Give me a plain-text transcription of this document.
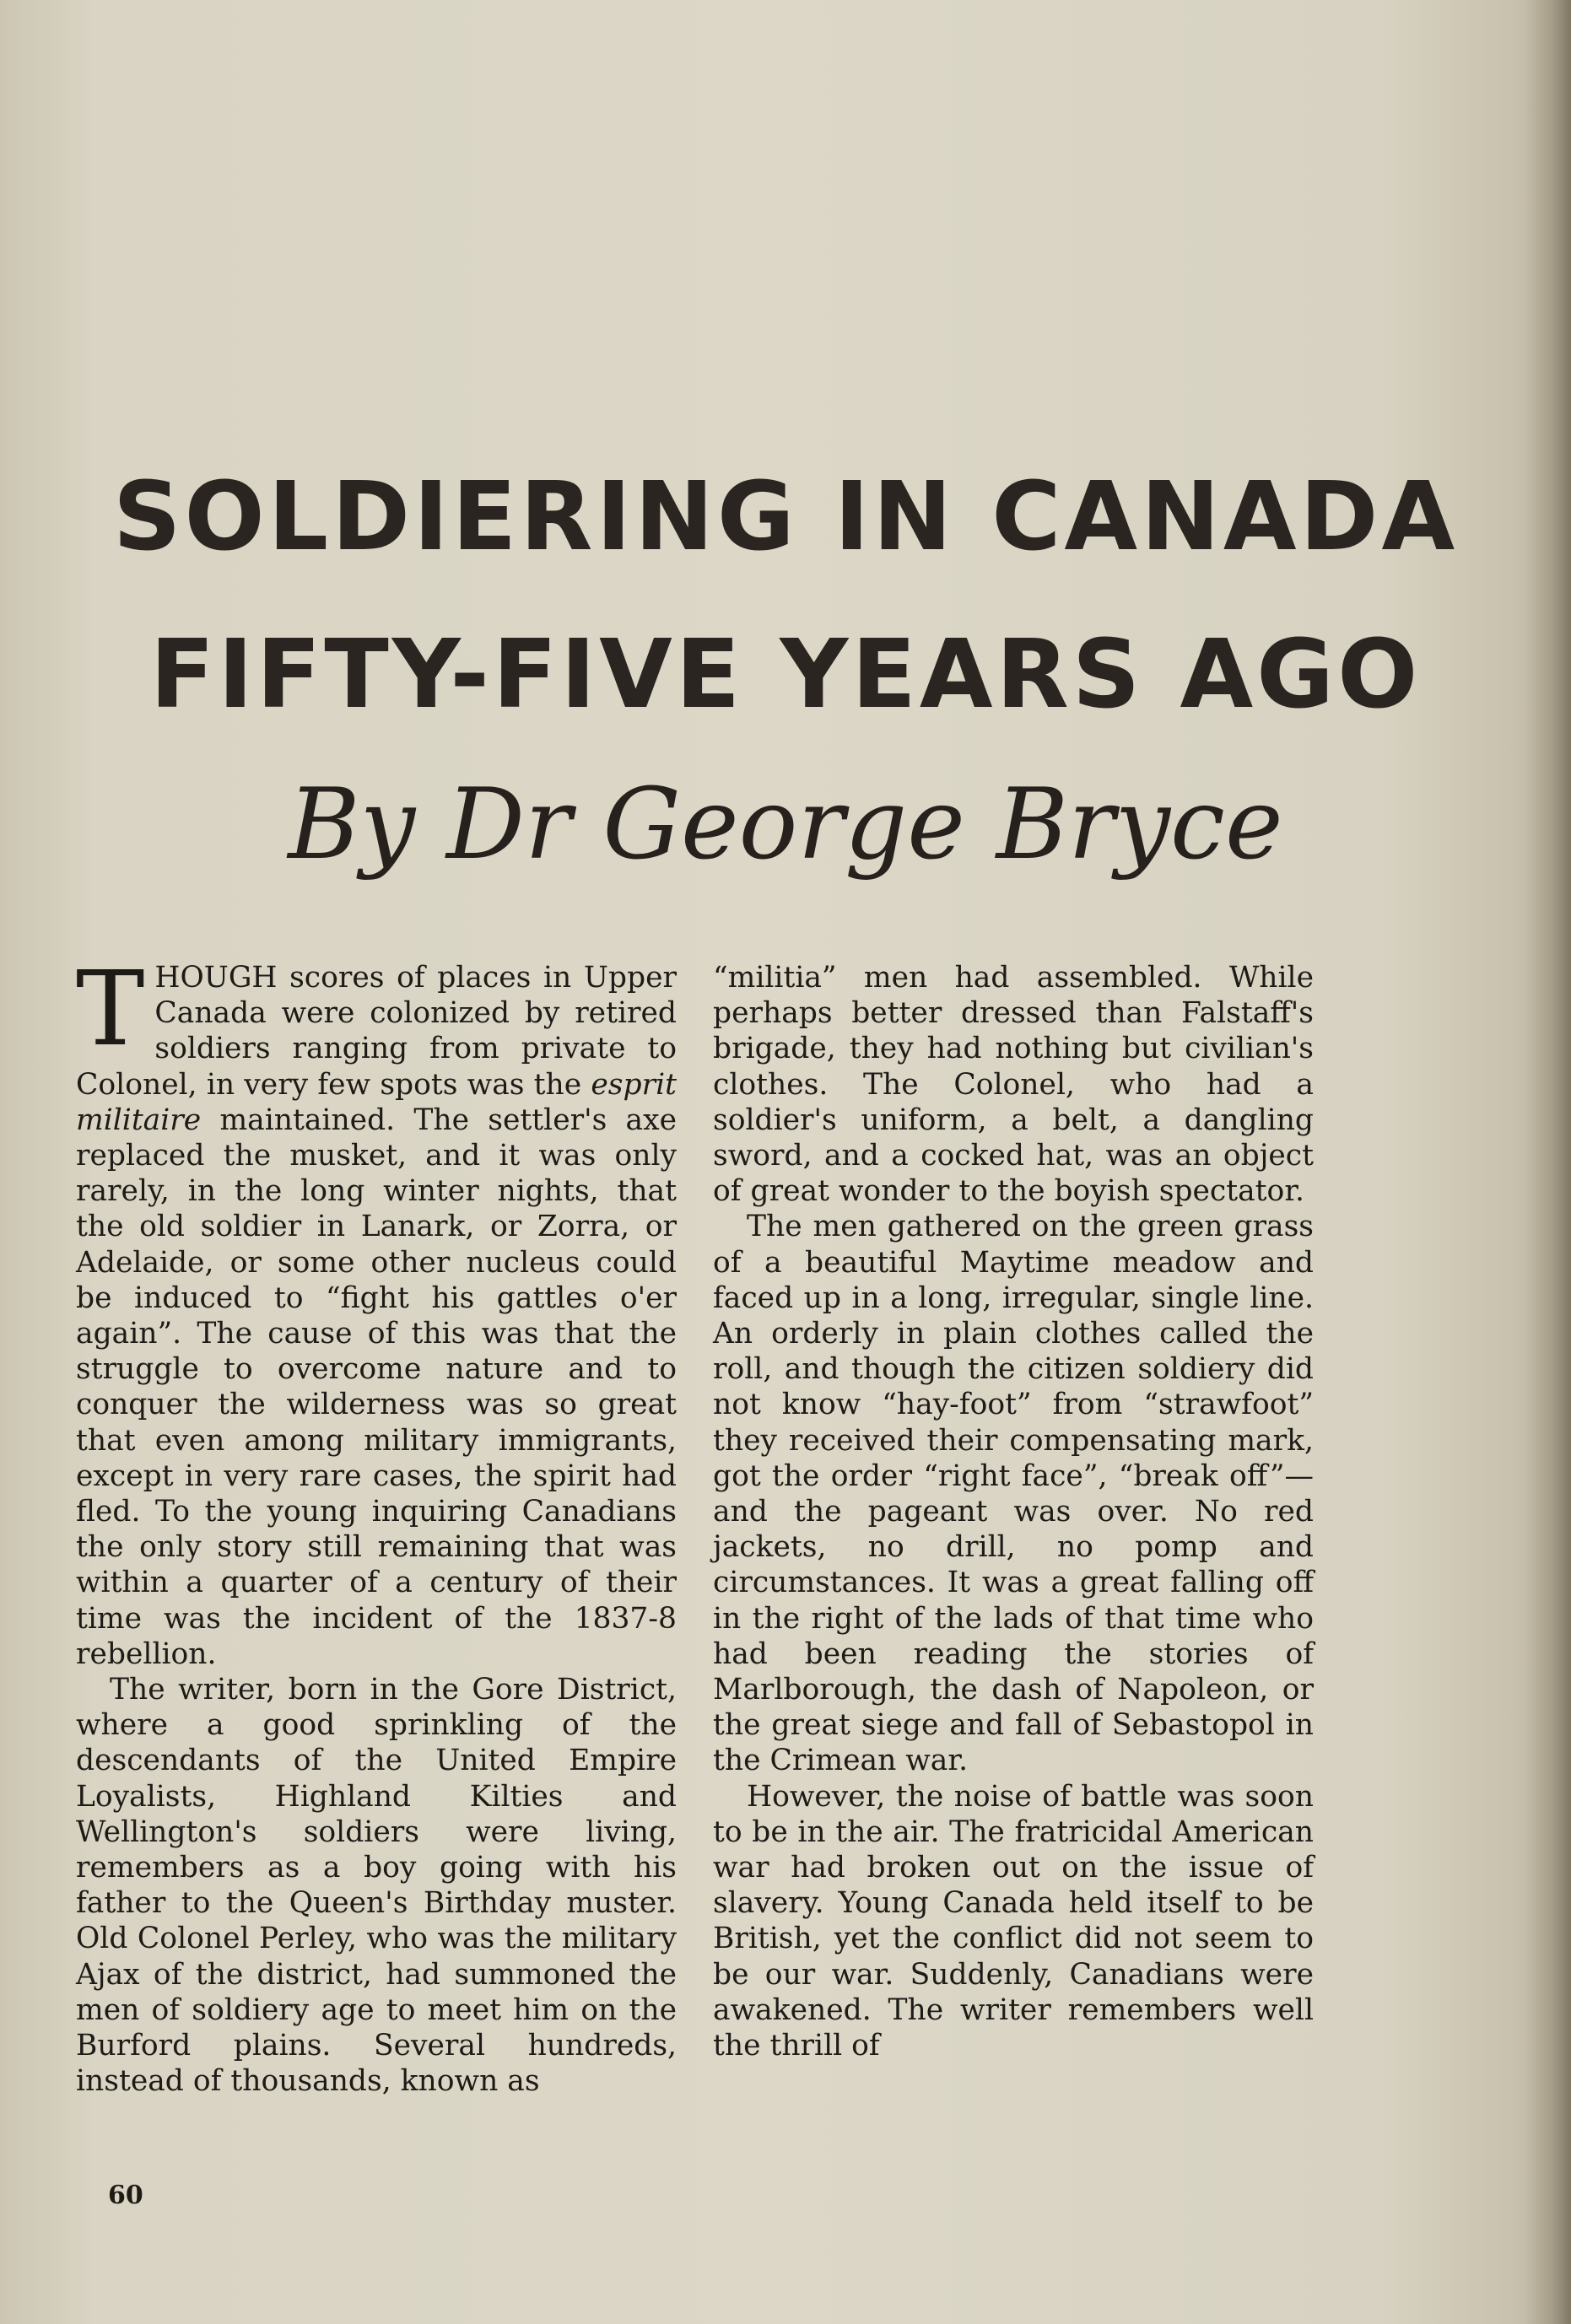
SOLDIERING IN CANADA
FIFTY-FIVE YEARS AGO
By Dr George Bryce

THOUGH scores of places in Upper Canada were colonized by retired soldiers ranging from private to Colonel, in very few spots was the esprit militaire maintained. The settler's axe replaced the musket, and it was only rarely, in the long winter nights, that the old soldier in Lanark, or Zorra, or Adelaide, or some other nucleus could be induced to “fight his gattles o'er again”. The cause of this was that the struggle to overcome nature and to conquer the wilderness was so great that even among military immigrants, except in very rare cases, the spirit had fled. To the young inquiring Canadians the only story still remaining that was within a quarter of a century of their time was the incident of the 1837-8 rebellion.

The writer, born in the Gore District, where a good sprinkling of the descendants of the United Empire Loyalists, Highland Kilties and Wellington's soldiers were living, remembers as a boy going with his father to the Queen's Birthday muster. Old Colonel Perley, who was the military Ajax of the district, had summoned the men of soldiery age to meet him on the Burford plains. Several hundreds, instead of thousands, known as

“militia” men had assembled. While perhaps better dressed than Falstaff's brigade, they had nothing but civilian's clothes. The Colonel, who had a soldier's uniform, a belt, a dangling sword, and a cocked hat, was an object of great wonder to the boyish spectator.

The men gathered on the green grass of a beautiful Maytime meadow and faced up in a long, irregular, single line. An orderly in plain clothes called the roll, and though the citizen soldiery did not know “hay-foot” from “strawfoot” they received their compensating mark, got the order “right face”, “break off”—and the pageant was over. No red jackets, no drill, no pomp and circumstances. It was a great falling off in the right of the lads of that time who had been reading the stories of Marlborough, the dash of Napoleon, or the great siege and fall of Sebastopol in the Crimean war.

However, the noise of battle was soon to be in the air. The fratricidal American war had broken out on the issue of slavery. Young Canada held itself to be British, yet the conflict did not seem to be our war. Suddenly, Canadians were awakened. The writer remembers well the thrill of

60
